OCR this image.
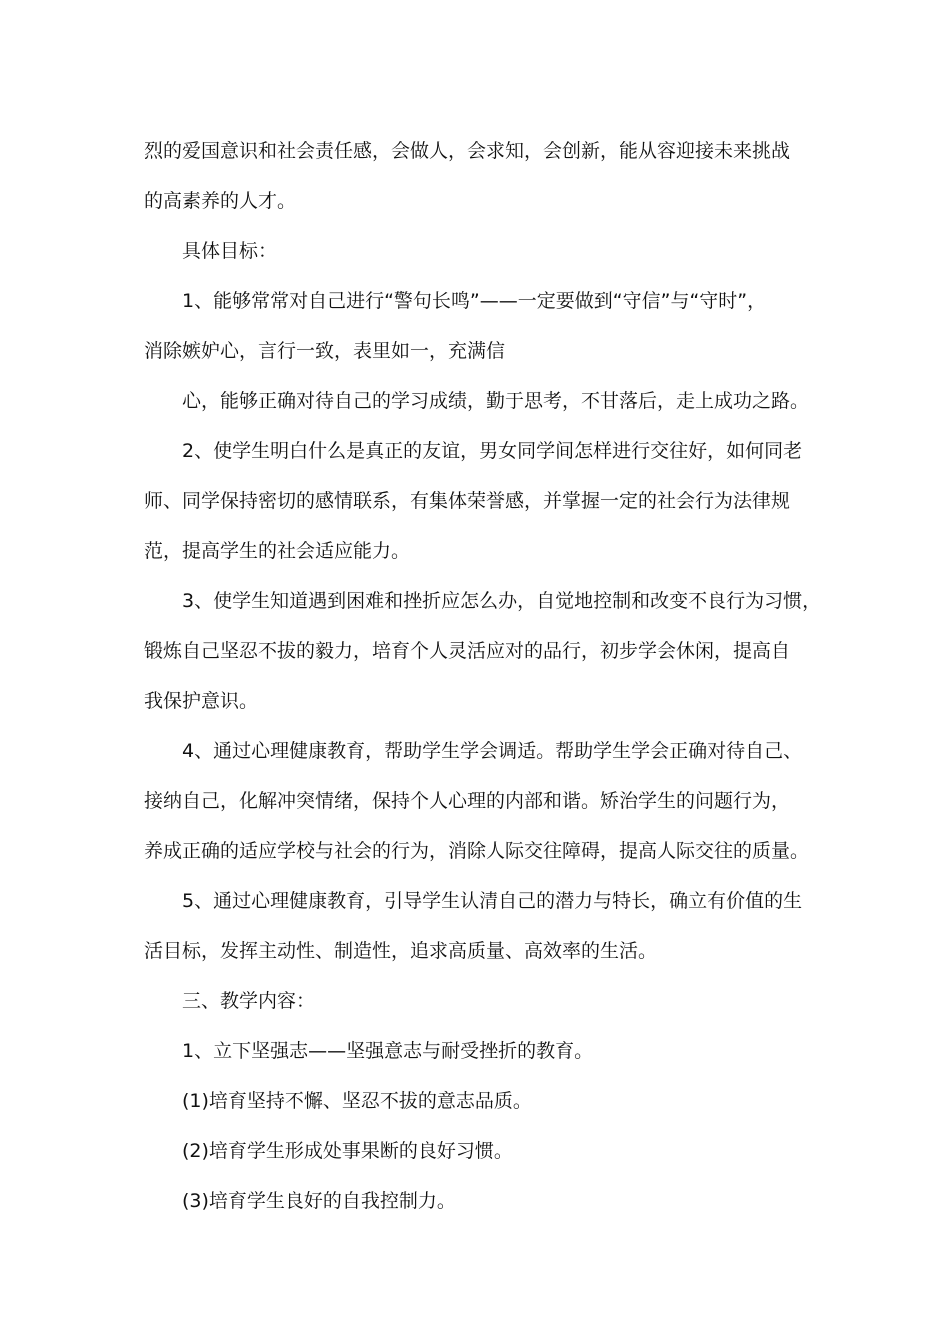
烈的爱国意识和社会责任感，会做人，会求知，会创新，能从容迎接未来挑战
的高素养的人才。
具体目标：
1、能够常常对自己进行“警句长鸣”——一定要做到“守信”与“守时”，
消除嫉妒心，言行一致，表里如一，充满信
心，能够正确对待自己的学习成绩，勤于思考，不甘落后，走上成功之路。
2、使学生明白什么是真正的友谊，男女同学间怎样进行交往好，如何同老
师、同学保持密切的感情联系，有集体荣誉感，并掌握一定的社会行为法律规
范，提高学生的社会适应能力。
3、使学生知道遇到困难和挫折应怎么办，自觉地控制和改变不良行为习惯，
锻炼自己坚忍不拔的毅力，培育个人灵活应对的品行，初步学会休闲，提高自
我保护意识。
4、通过心理健康教育，帮助学生学会调适。帮助学生学会正确对待自己、
接纳自己，化解冲突情绪，保持个人心理的内部和谐。矫治学生的问题行为，
养成正确的适应学校与社会的行为，消除人际交往障碍，提高人际交往的质量。
5、通过心理健康教育，引导学生认清自己的潜力与特长，确立有价值的生
活目标，发挥主动性、制造性，追求高质量、高效率的生活。
三、教学内容：
1、立下坚强志——坚强意志与耐受挫折的教育。
(1)培育坚持不懈、坚忍不拔的意志品质。
(2)培育学生形成处事果断的良好习惯。
(3)培育学生良好的自我控制力。
